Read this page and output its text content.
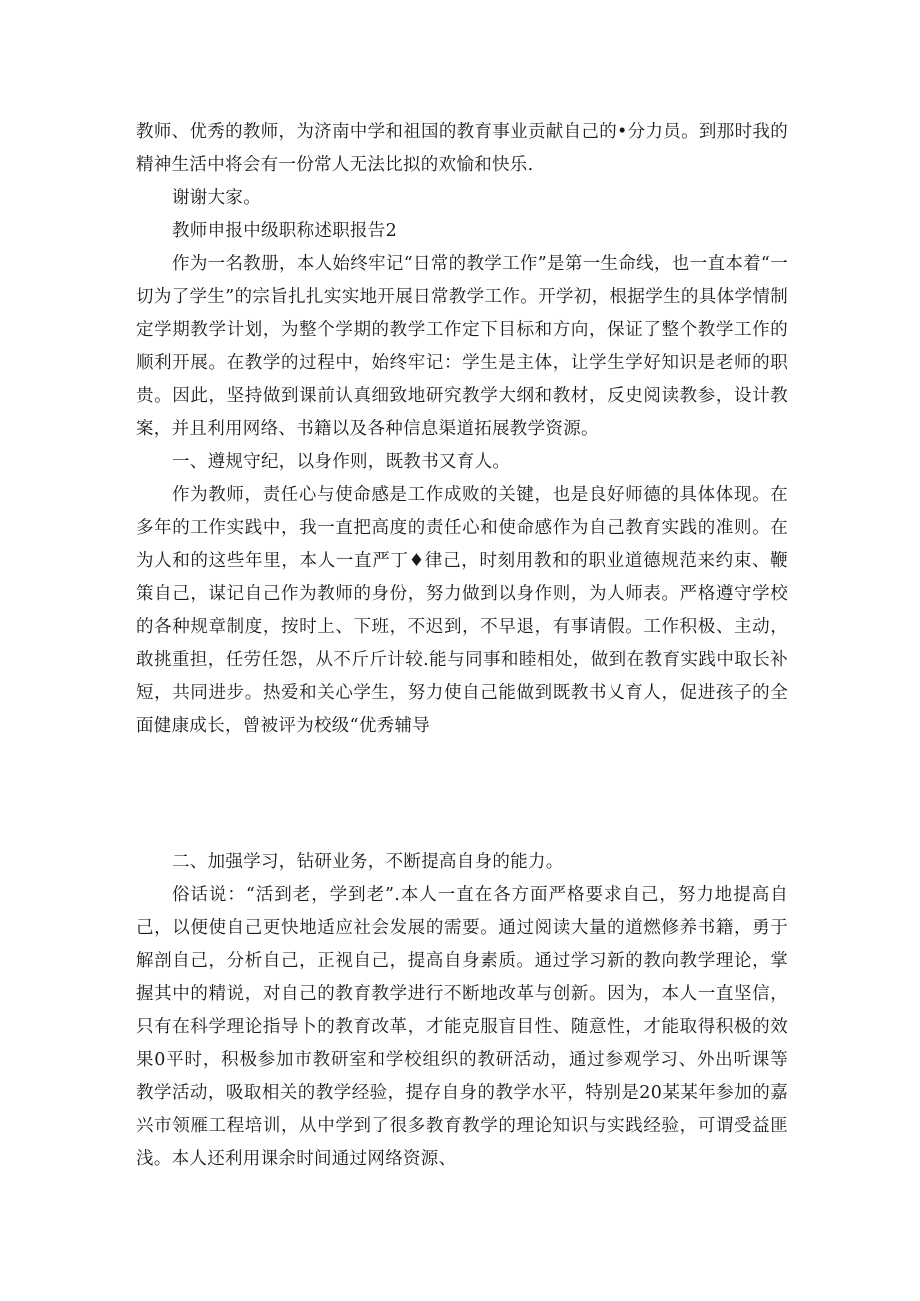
教师、优秀的教师，为济南中学和祖国的教育事业贡献自己的•分力员。到那时我的精神生活中将会有一份常人无法比拟的欢愉和快乐.

谢谢大家。

教师申报中级职称述职报告2

作为一名教册，本人始终牢记“日常的教学工作”是第一生命线，也一直本着“一切为了学生”的宗旨扎扎实实地开展日常教学工作。开学初，根据学生的具体学情制定学期教学计划，为整个学期的教学工作定下目标和方向，保证了整个教学工作的顺利开展。在教学的过程中，始终牢记：学生是主体，让学生学好知识是老师的职贵。因此，坚持做到课前认真细致地研究教学大纲和教材，反史阅读教参，设计教案，并且利用网络、书籍以及各种信息渠道拓展教学资源。

一、遵规守纪，以身作则，既教书又育人。

作为教师，责任心与使命感是工作成败的关键，也是良好师德的具体体现。在多年的工作实践中，我一直把高度的责任心和使命感作为自己教育实践的准则。在为人和的这些年里，本人一直严丁♦律己，时刻用教和的职业道德规范来约束、鞭策自己，谋记自己作为教师的身份，努力做到以身作则，为人师表。严格遵守学校的各种规章制度，按时上、下班，不迟到，不早退，有事请假。工作积极、主动，敢挑重担，任劳任怨，从不斤斤计较.能与同事和睦相处，做到在教育实践中取长补短，共同进步。热爱和关心学生，努力使自己能做到既教书乂育人，促进孩子的全面健康成长，曾被评为校级“优秀辅导

二、加强学习，钻研业务，不断提高自身的能力。

俗话说：“活到老，学到老”.本人一直在各方面严格要求自己，努力地提高自己，以便使自己更快地适应社会发展的需要。通过阅读大量的道燃修养书籍，勇于解剖自己，分析自己，正视自己，提高自身素质。通过学习新的教向教学理论，掌握其中的精说，对自己的教育教学进行不断地改革与创新。因为，本人一直坚信，只有在科学理论指导卜的教育改革，才能克服盲目性、随意性，才能取得积极的效果0平时，积极参加市教研室和学校组织的教研活动，通过参观学习、外出听课等教学活动，吸取相关的教学经验，提存自身的教学水平，特别是20某某年参加的嘉兴市领雁工程培训，从中学到了很多教育教学的理论知识与实践经验，可谓受益匪浅。本人还利用课余时间通过网络资源、
